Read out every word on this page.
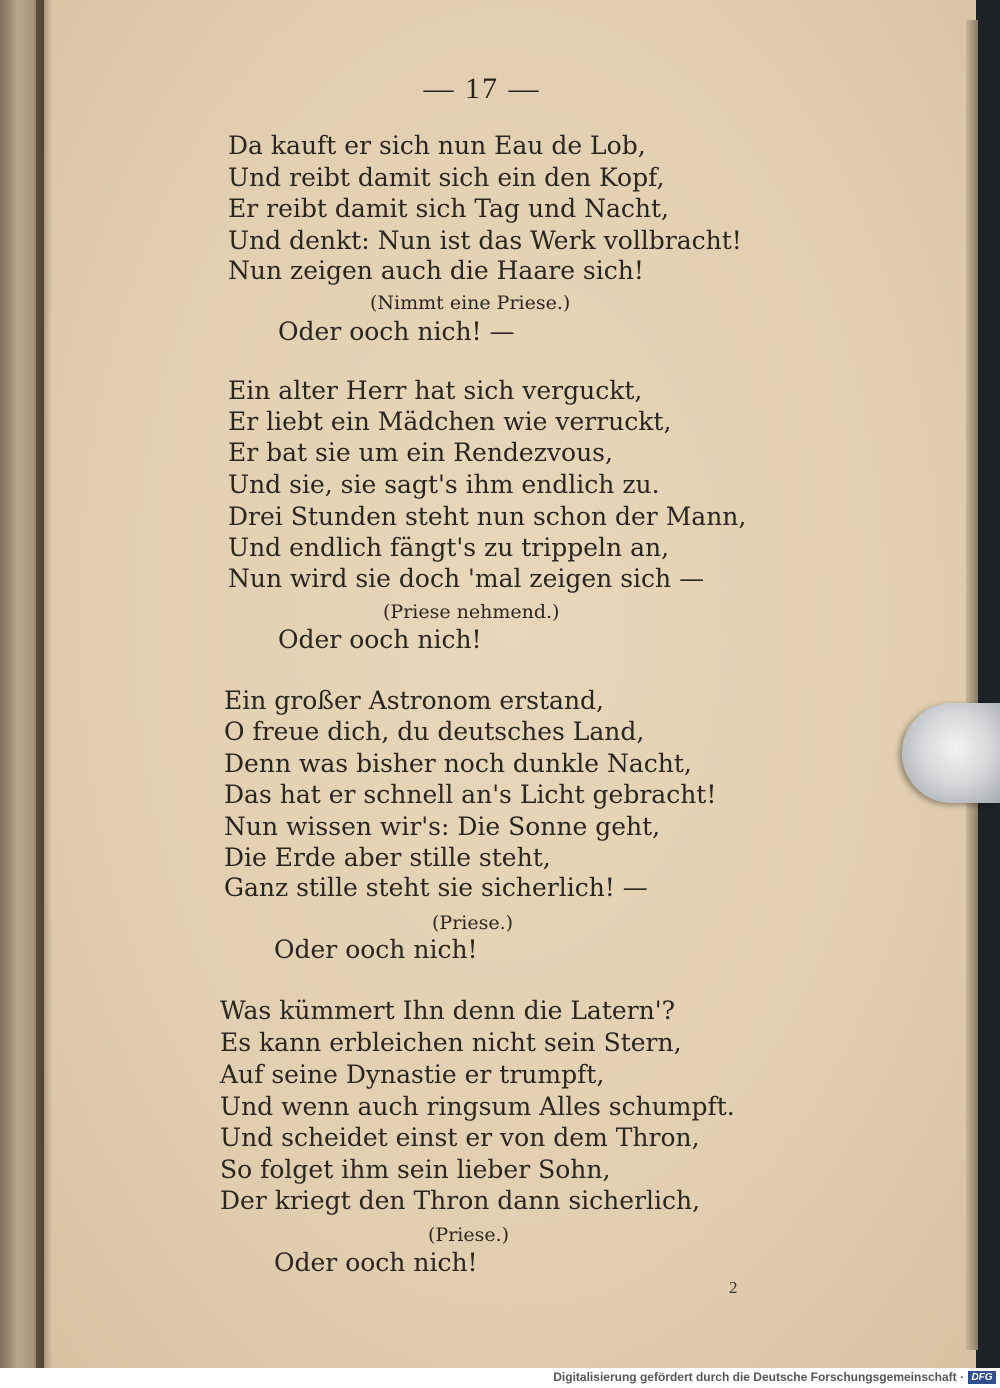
— 17 —
Da kauft er sich nun Eau de Lob,
Und reibt damit sich ein den Kopf,
Er reibt damit sich Tag und Nacht,
Und denkt: Nun ist das Werk vollbracht!
Nun zeigen auch die Haare sich!
(Nimmt eine Priese.)
Oder ooch nich! —
Ein alter Herr hat sich verguckt,
Er liebt ein Mädchen wie verruckt,
Er bat sie um ein Rendezvous,
Und sie, sie sagt's ihm endlich zu.
Drei Stunden steht nun schon der Mann,
Und endlich fängt's zu trippeln an,
Nun wird sie doch 'mal zeigen sich —
(Priese nehmend.)
Oder ooch nich!
Ein großer Astronom erstand,
O freue dich, du deutsches Land,
Denn was bisher noch dunkle Nacht,
Das hat er schnell an's Licht gebracht!
Nun wissen wir's: Die Sonne geht,
Die Erde aber stille steht,
Ganz stille steht sie sicherlich! —
(Priese.)
Oder ooch nich!
Was kümmert Ihn denn die Latern'?
Es kann erbleichen nicht sein Stern,
Auf seine Dynastie er trumpft,
Und wenn auch ringsum Alles schumpft.
Und scheidet einst er von dem Thron,
So folget ihm sein lieber Sohn,
Der kriegt den Thron dann sicherlich,
(Priese.)
Oder ooch nich!
2
Digitalisierung gefördert durch die Deutsche Forschungsgemeinschaft · DFG
